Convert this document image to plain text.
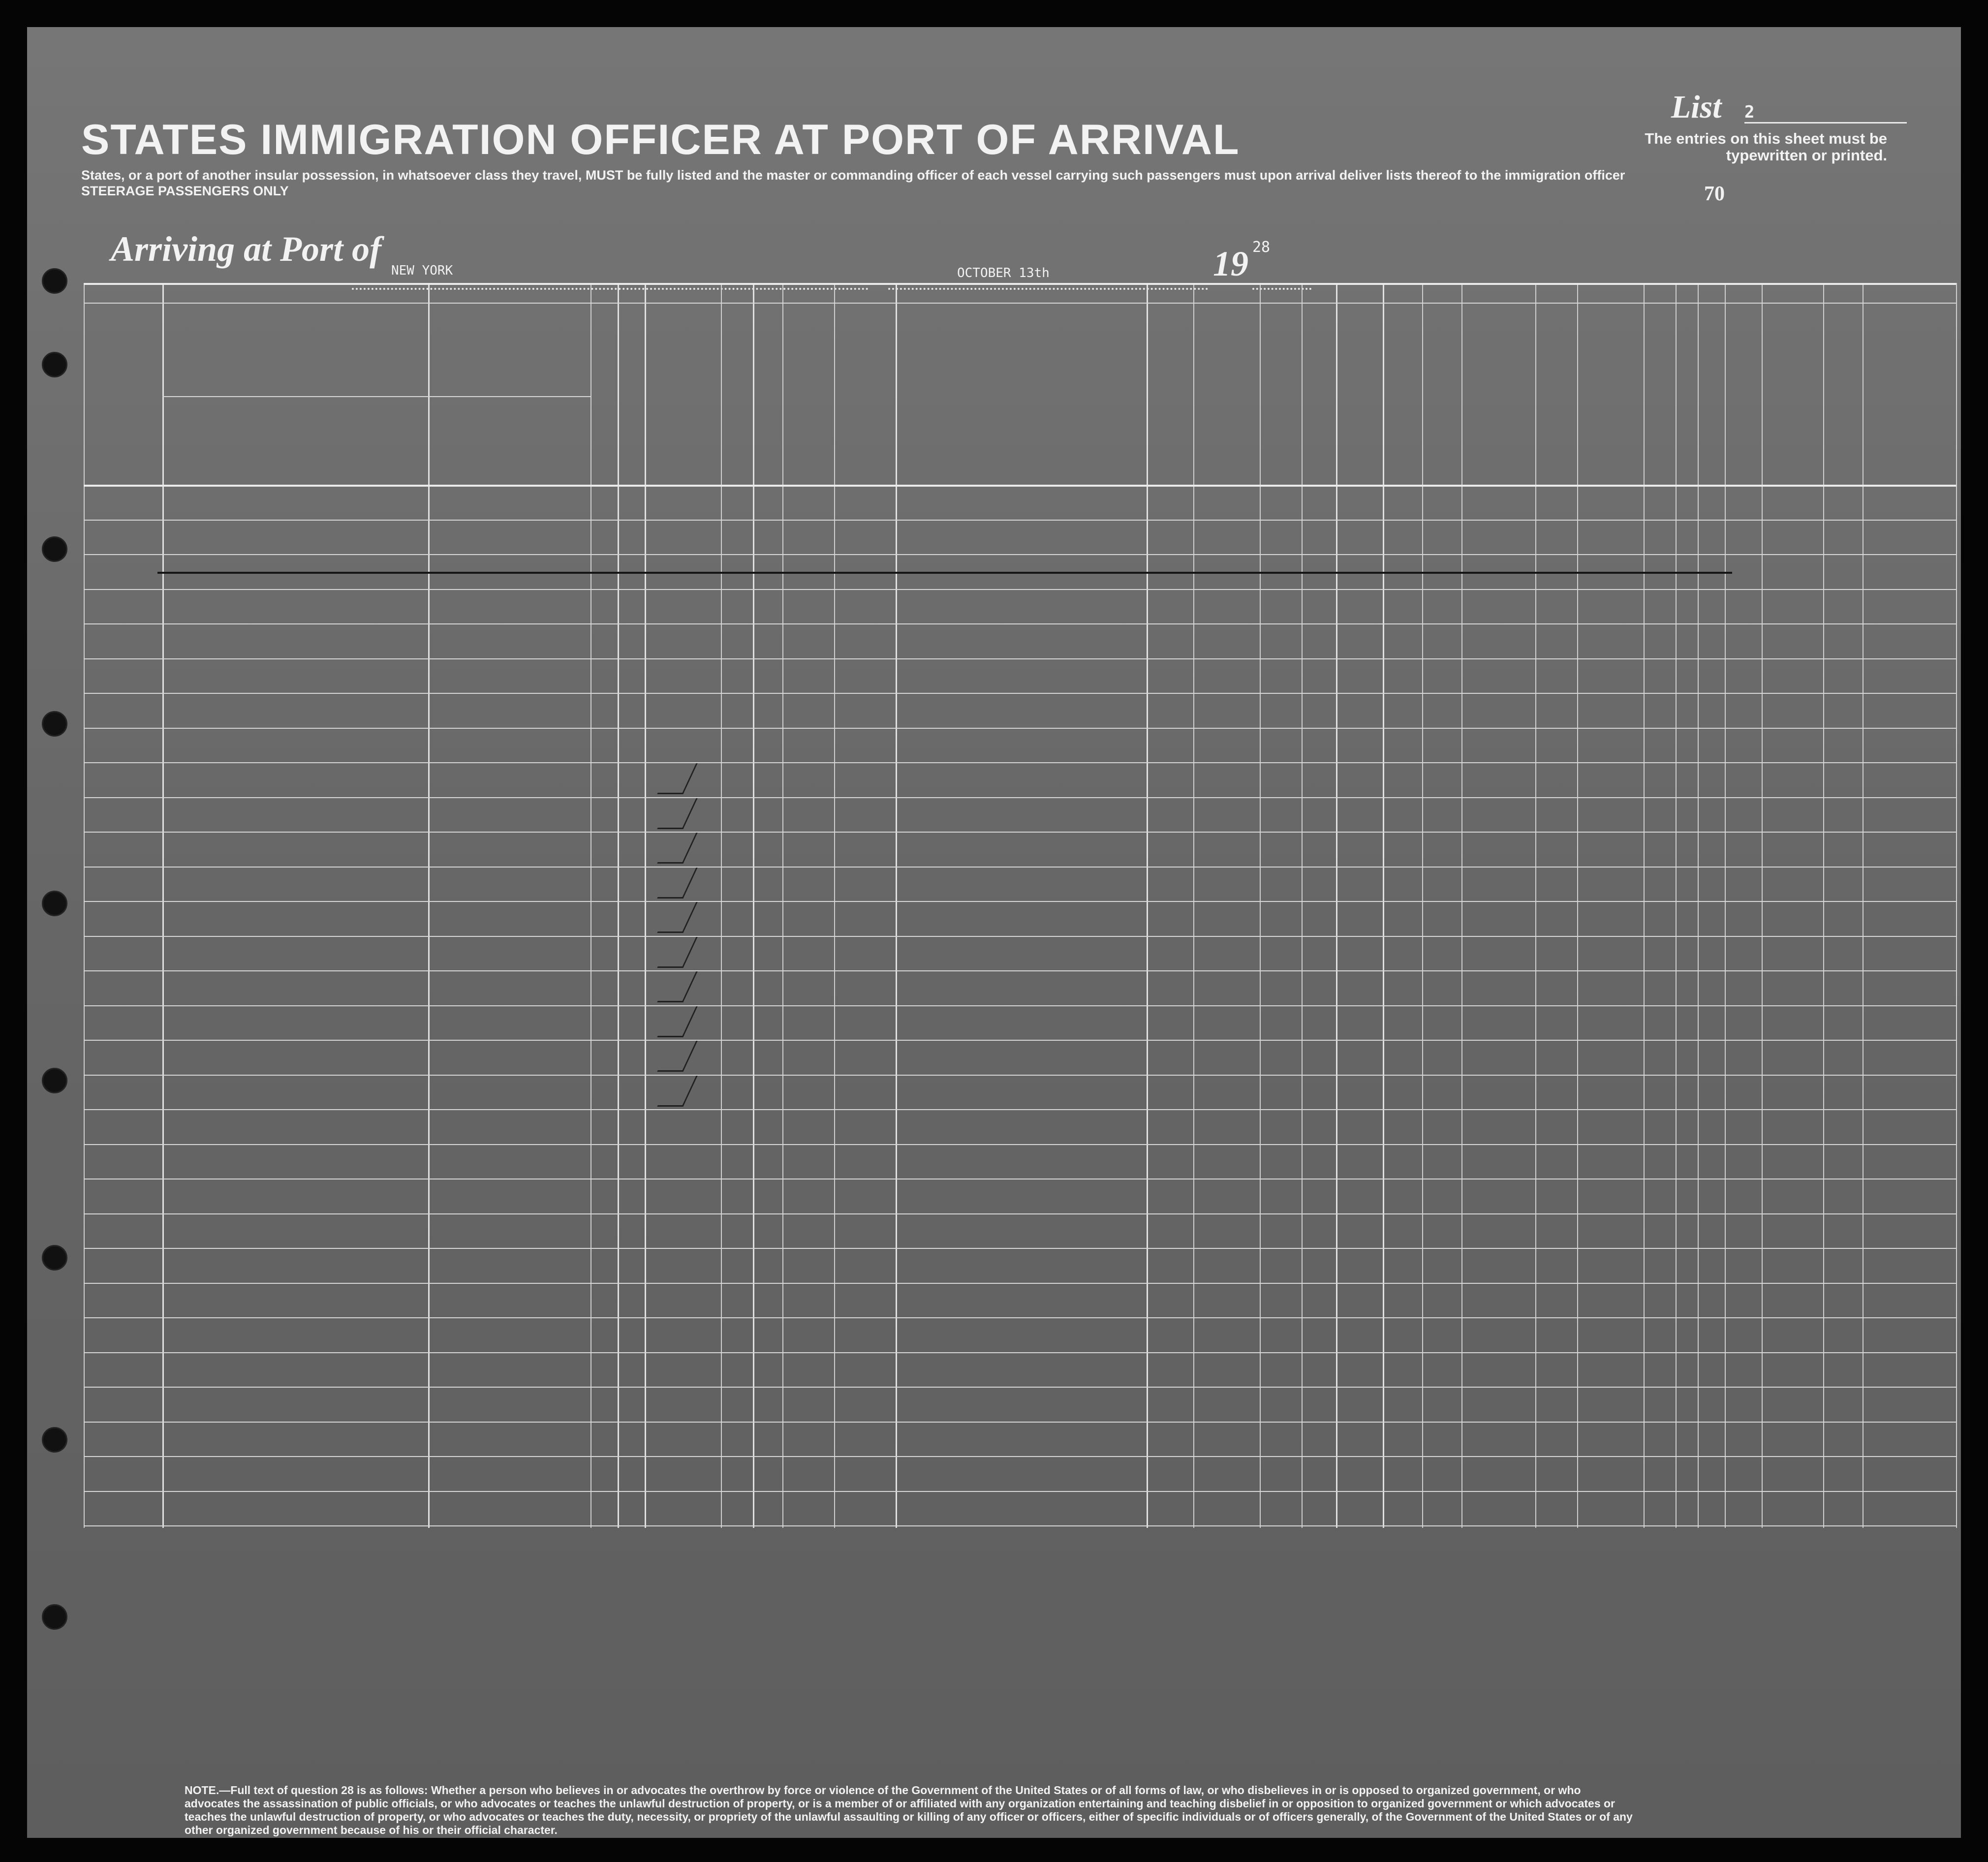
List 2
The entries on this sheet must be typewritten or printed.
70
STATES IMMIGRATION OFFICER AT PORT OF ARRIVAL
States, or a port of another insular possession, in whatsoever class they travel, MUST be fully listed and the master or commanding officer of each vessel carrying such passengers must upon arrival deliver lists thereof to the immigration officer
STEERAGE PASSENGERS ONLY
Arriving at Port of
NEW YORK	OCTOBER 13th	19 28
NOTE.—Full text of question 28 is as follows: Whether a person who believes in or advocates the overthrow by force or violence of the Government of the United States or of all forms of law, or who disbelieves in or is opposed to organized government, or who advocates the assassination of public officials, or who advocates or teaches the unlawful destruction of property, or is a member of or affiliated with any organization entertaining and teaching disbelief in or opposition to organized government or which advocates or teaches the unlawful destruction of property, or who advocates or teaches the duty, necessity, or propriety of the unlawful assaulting or killing of any officer or officers, either of specific individuals or of officers generally, of the Government of the United States or of any other organized government because of his or their official character.
